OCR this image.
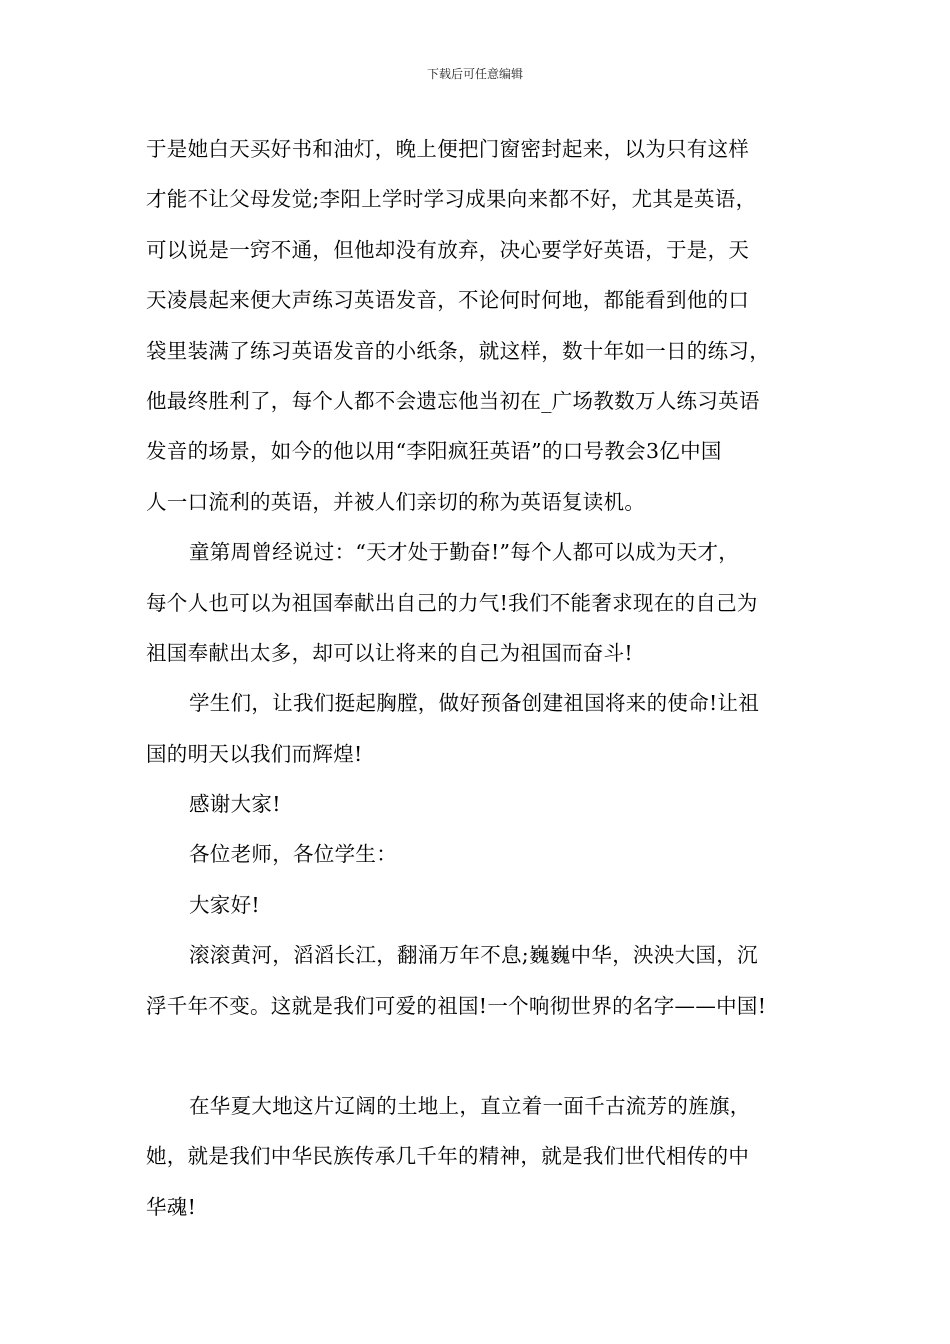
下载后可任意编辑
于是她白天买好书和油灯，晚上便把门窗密封起来，以为只有这样
才能不让父母发觉;李阳上学时学习成果向来都不好，尤其是英语，
可以说是一窍不通，但他却没有放弃，决心要学好英语，于是，天
天凌晨起来便大声练习英语发音，不论何时何地，都能看到他的口
袋里装满了练习英语发音的小纸条，就这样，数十年如一日的练习，
他最终胜利了，每个人都不会遗忘他当初在_广场教数万人练习英语
发音的场景，如今的他以用“李阳疯狂英语”的口号教会3亿中国
人一口流利的英语，并被人们亲切的称为英语复读机。
童第周曾经说过：“天才处于勤奋!”每个人都可以成为天才，
每个人也可以为祖国奉献出自己的力气!我们不能奢求现在的自己为
祖国奉献出太多，却可以让将来的自己为祖国而奋斗!
学生们，让我们挺起胸膛，做好预备创建祖国将来的使命!让祖
国的明天以我们而辉煌!
感谢大家!
各位老师，各位学生：
大家好!
滚滚黄河，滔滔长江，翻涌万年不息;巍巍中华，泱泱大国，沉
浮千年不变。这就是我们可爱的祖国!一个响彻世界的名字——中国!
在华夏大地这片辽阔的土地上，直立着一面千古流芳的旌旗，
她，就是我们中华民族传承几千年的精神，就是我们世代相传的中
华魂!
